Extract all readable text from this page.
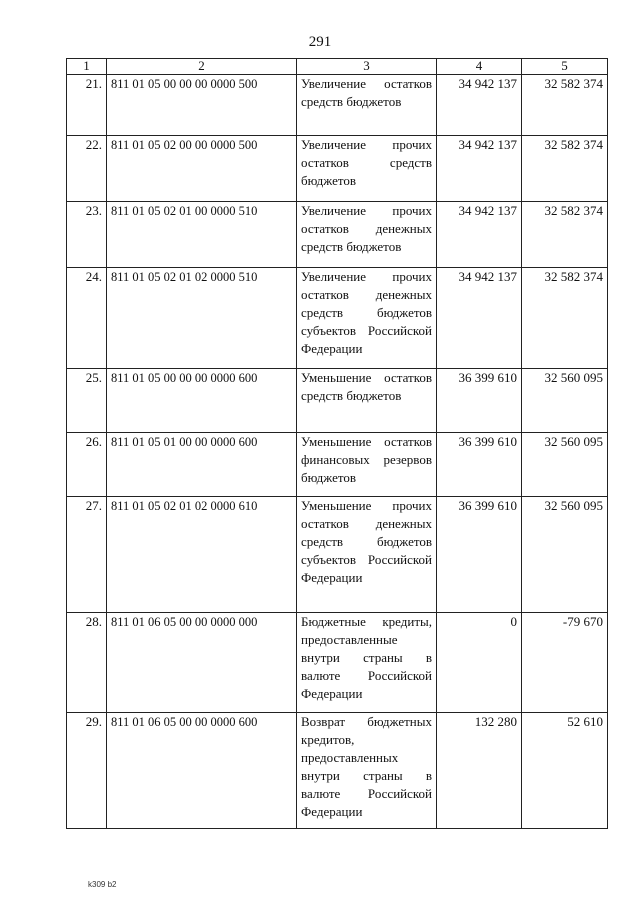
291
1	2	3	4	5
21.	811 01 05 00 00 00 0000 500	Увеличение остатков средств бюджетов	34 942 137	32 582 374
22.	811 01 05 02 00 00 0000 500	Увеличение прочих остатков средств бюджетов	34 942 137	32 582 374
23.	811 01 05 02 01 00 0000 510	Увеличение прочих остатков денежных средств бюджетов	34 942 137	32 582 374
24.	811 01 05 02 01 02 0000 510	Увеличение прочих остатков денежных средств бюджетов субъектов Российской Федерации	34 942 137	32 582 374
25.	811 01 05 00 00 00 0000 600	Уменьшение остатков средств бюджетов	36 399 610	32 560 095
26.	811 01 05 01 00 00 0000 600	Уменьшение остатков финансовых резервов бюджетов	36 399 610	32 560 095
27.	811 01 05 02 01 02 0000 610	Уменьшение прочих остатков денежных средств бюджетов субъектов Российской Федерации	36 399 610	32 560 095
28.	811 01 06 05 00 00 0000 000	Бюджетные кредиты, предоставленные внутри страны в валюте Российской Федерации	0	-79 670
29.	811 01 06 05 00 00 0000 600	Возврат бюджетных кредитов, предоставленных внутри страны в валюте Российской Федерации	132 280	52 610
k309 b2
